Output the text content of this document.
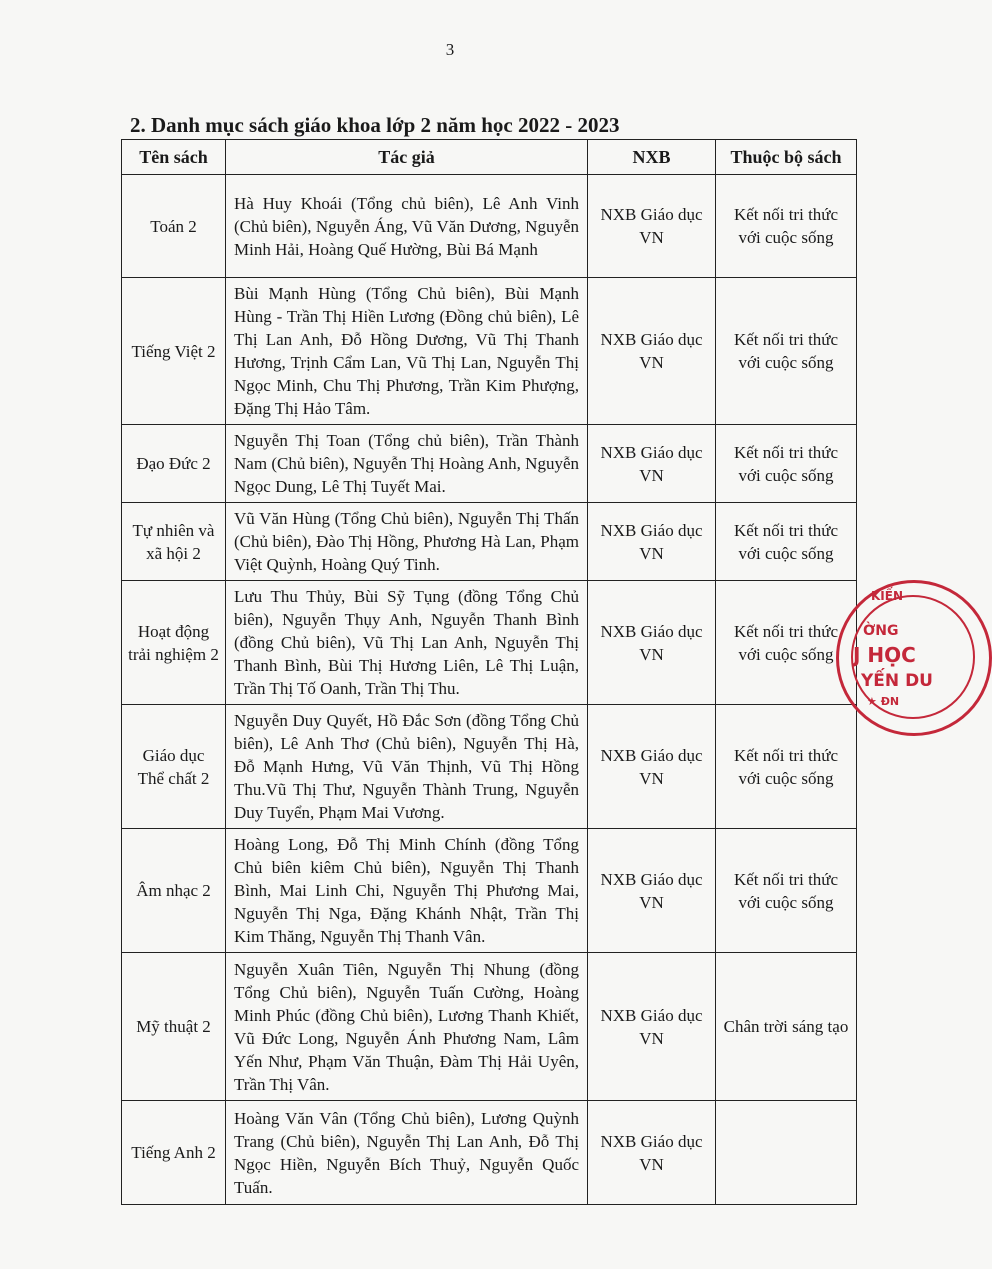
3
2. Danh mục sách giáo khoa lớp 2 năm học 2022 - 2023
Tên sách	Tác giả	NXB	Thuộc bộ sách
Toán 2	Hà Huy Khoái (Tổng chủ biên), Lê Anh Vinh (Chủ biên), Nguyễn Áng, Vũ Văn Dương, Nguyễn Minh Hải, Hoàng Quế Hường, Bùi Bá Mạnh	NXB Giáo dục VN	Kết nối tri thức với cuộc sống
Tiếng Việt 2	Bùi Mạnh Hùng (Tổng Chủ biên), Bùi Mạnh Hùng - Trần Thị Hiền Lương (Đồng chủ biên), Lê Thị Lan Anh, Đỗ Hồng Dương, Vũ Thị Thanh Hương, Trịnh Cẩm Lan, Vũ Thị Lan, Nguyễn Thị Ngọc Minh, Chu Thị Phương, Trần Kim Phượng, Đặng Thị Hảo Tâm.	NXB Giáo dục VN	Kết nối tri thức với cuộc sống
Đạo Đức 2	Nguyễn Thị Toan (Tổng chủ biên), Trần Thành Nam (Chủ biên), Nguyễn Thị Hoàng Anh, Nguyễn Ngọc Dung, Lê Thị Tuyết Mai.	NXB Giáo dục VN	Kết nối tri thức với cuộc sống
Tự nhiên và xã hội 2	Vũ Văn Hùng (Tổng Chủ biên), Nguyễn Thị Thấn (Chủ biên), Đào Thị Hồng, Phương Hà Lan, Phạm Việt Quỳnh, Hoàng Quý Tinh.	NXB Giáo dục VN	Kết nối tri thức với cuộc sống
Hoạt động trải nghiệm 2	Lưu Thu Thủy, Bùi Sỹ Tụng (đồng Tổng Chủ biên), Nguyễn Thụy Anh, Nguyễn Thanh Bình (đồng Chủ biên), Vũ Thị Lan Anh, Nguyễn Thị Thanh Bình, Bùi Thị Hương Liên, Lê Thị Luận, Trần Thị Tố Oanh, Trần Thị Thu.	NXB Giáo dục VN	Kết nối tri thức với cuộc sống
Giáo dục Thể chất 2	Nguyễn Duy Quyết, Hồ Đắc Sơn (đồng Tổng Chủ biên), Lê Anh Thơ (Chủ biên), Nguyễn Thị Hà, Đỗ Mạnh Hưng, Vũ Văn Thịnh, Vũ Thị Hồng Thu.Vũ Thị Thư, Nguyễn Thành Trung, Nguyễn Duy Tuyển, Phạm Mai Vương.	NXB Giáo dục VN	Kết nối tri thức với cuộc sống
Âm nhạc 2	Hoàng Long, Đỗ Thị Minh Chính (đồng Tổng Chủ biên kiêm Chủ biên), Nguyễn Thị Thanh Bình, Mai Linh Chi, Nguyễn Thị Phương Mai, Nguyễn Thị Nga, Đặng Khánh Nhật, Trần Thị Kim Thăng, Nguyễn Thị Thanh Vân.	NXB Giáo dục VN	Kết nối tri thức với cuộc sống
Mỹ thuật 2	Nguyễn Xuân Tiên, Nguyễn Thị Nhung (đồng Tổng Chủ biên), Nguyễn Tuấn Cường, Hoàng Minh Phúc (đồng Chủ biên), Lương Thanh Khiết, Vũ Đức Long, Nguyễn Ánh Phương Nam, Lâm Yến Như, Phạm Văn Thuận, Đàm Thị Hải Uyên, Trần Thị Vân.	NXB Giáo dục VN	Chân trời sáng tạo
Tiếng Anh 2	Hoàng Văn Vân (Tổng Chủ biên), Lương Quỳnh Trang (Chủ biên), Nguyễn Thị Lan Anh, Đỗ Thị Ngọc Hiền, Nguyễn Bích Thuỷ, Nguyễn Quốc Tuấn.	NXB Giáo dục VN	
KIẾN
ỜNG
J HỌC
YẾN DU
★ ĐN
